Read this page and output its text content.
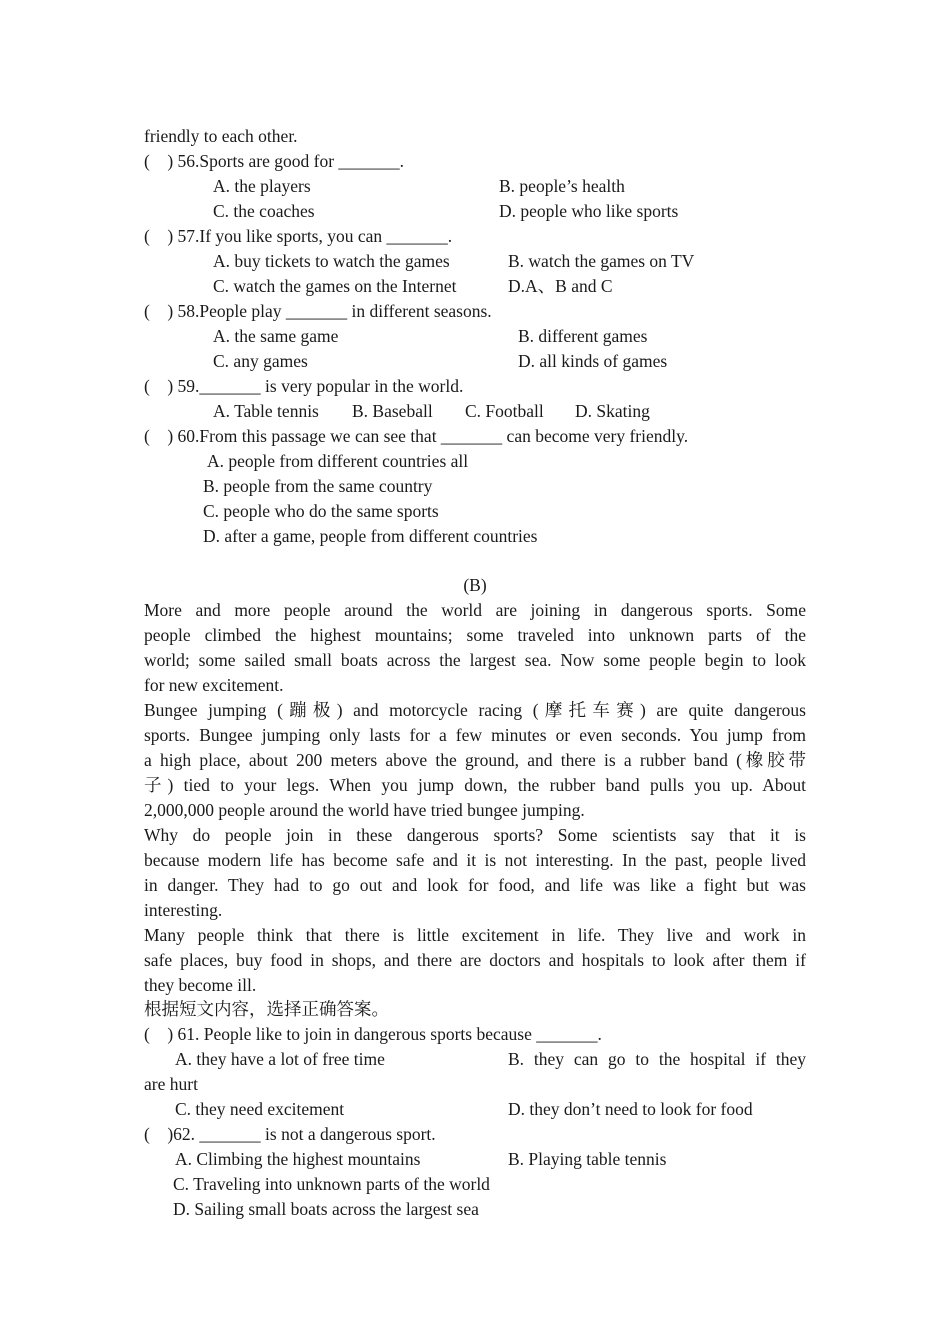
friendly to each other.
(    ) 56.Sports are good for _______.
A. the players	B. people’s health
C. the coaches	D. people who like sports
(    ) 57.If you like sports, you can _______.
A. buy tickets to watch the games	B. watch the games on TV
C. watch the games on the Internet	D.A、B and C
(    ) 58.People play _______ in different seasons.
A. the same game	B. different games
C. any games	D. all kinds of games
(    ) 59._______ is very popular in the world.
A. Table tennis B. Baseball C. Football D. Skating
(    ) 60.From this passage we can see that _______ can become very friendly.
A. people from different countries all
B. people from the same country
C. people who do the same sports
D. after a game, people from different countries
(B)
More and more people around the world are joining in dangerous sports. Some
people climbed the highest mountains; some traveled into unknown parts of the
world; some sailed small boats across the largest sea. Now some people begin to look
for new excitement.
Bungee jumping (蹦极) and motorcycle racing (摩托车赛) are quite dangerous
sports. Bungee jumping only lasts for a few minutes or even seconds. You jump from
a high place, about 200 meters above the ground, and there is a rubber band (橡胶带
子) tied to your legs. When you jump down, the rubber band pulls you up. About
2,000,000 people around the world have tried bungee jumping.
Why do people join in these dangerous sports? Some scientists say that it is
because modern life has become safe and it is not interesting. In the past, people lived
in danger. They had to go out and look for food, and life was like a fight but was
interesting.
Many people think that there is little excitement in life. They live and work in
safe places, buy food in shops, and there are doctors and hospitals to look after them if
they become ill.
根据短文内容，选择正确答案。
(    ) 61. People like to join in dangerous sports because _______.
A. they have a lot of free time	B. they can go to the hospital if they
are hurt
C. they need excitement	D. they don’t need to look for food
(    )62. _______ is not a dangerous sport.
A. Climbing the highest mountains	B. Playing table tennis
C. Traveling into unknown parts of the world
D. Sailing small boats across the largest sea
